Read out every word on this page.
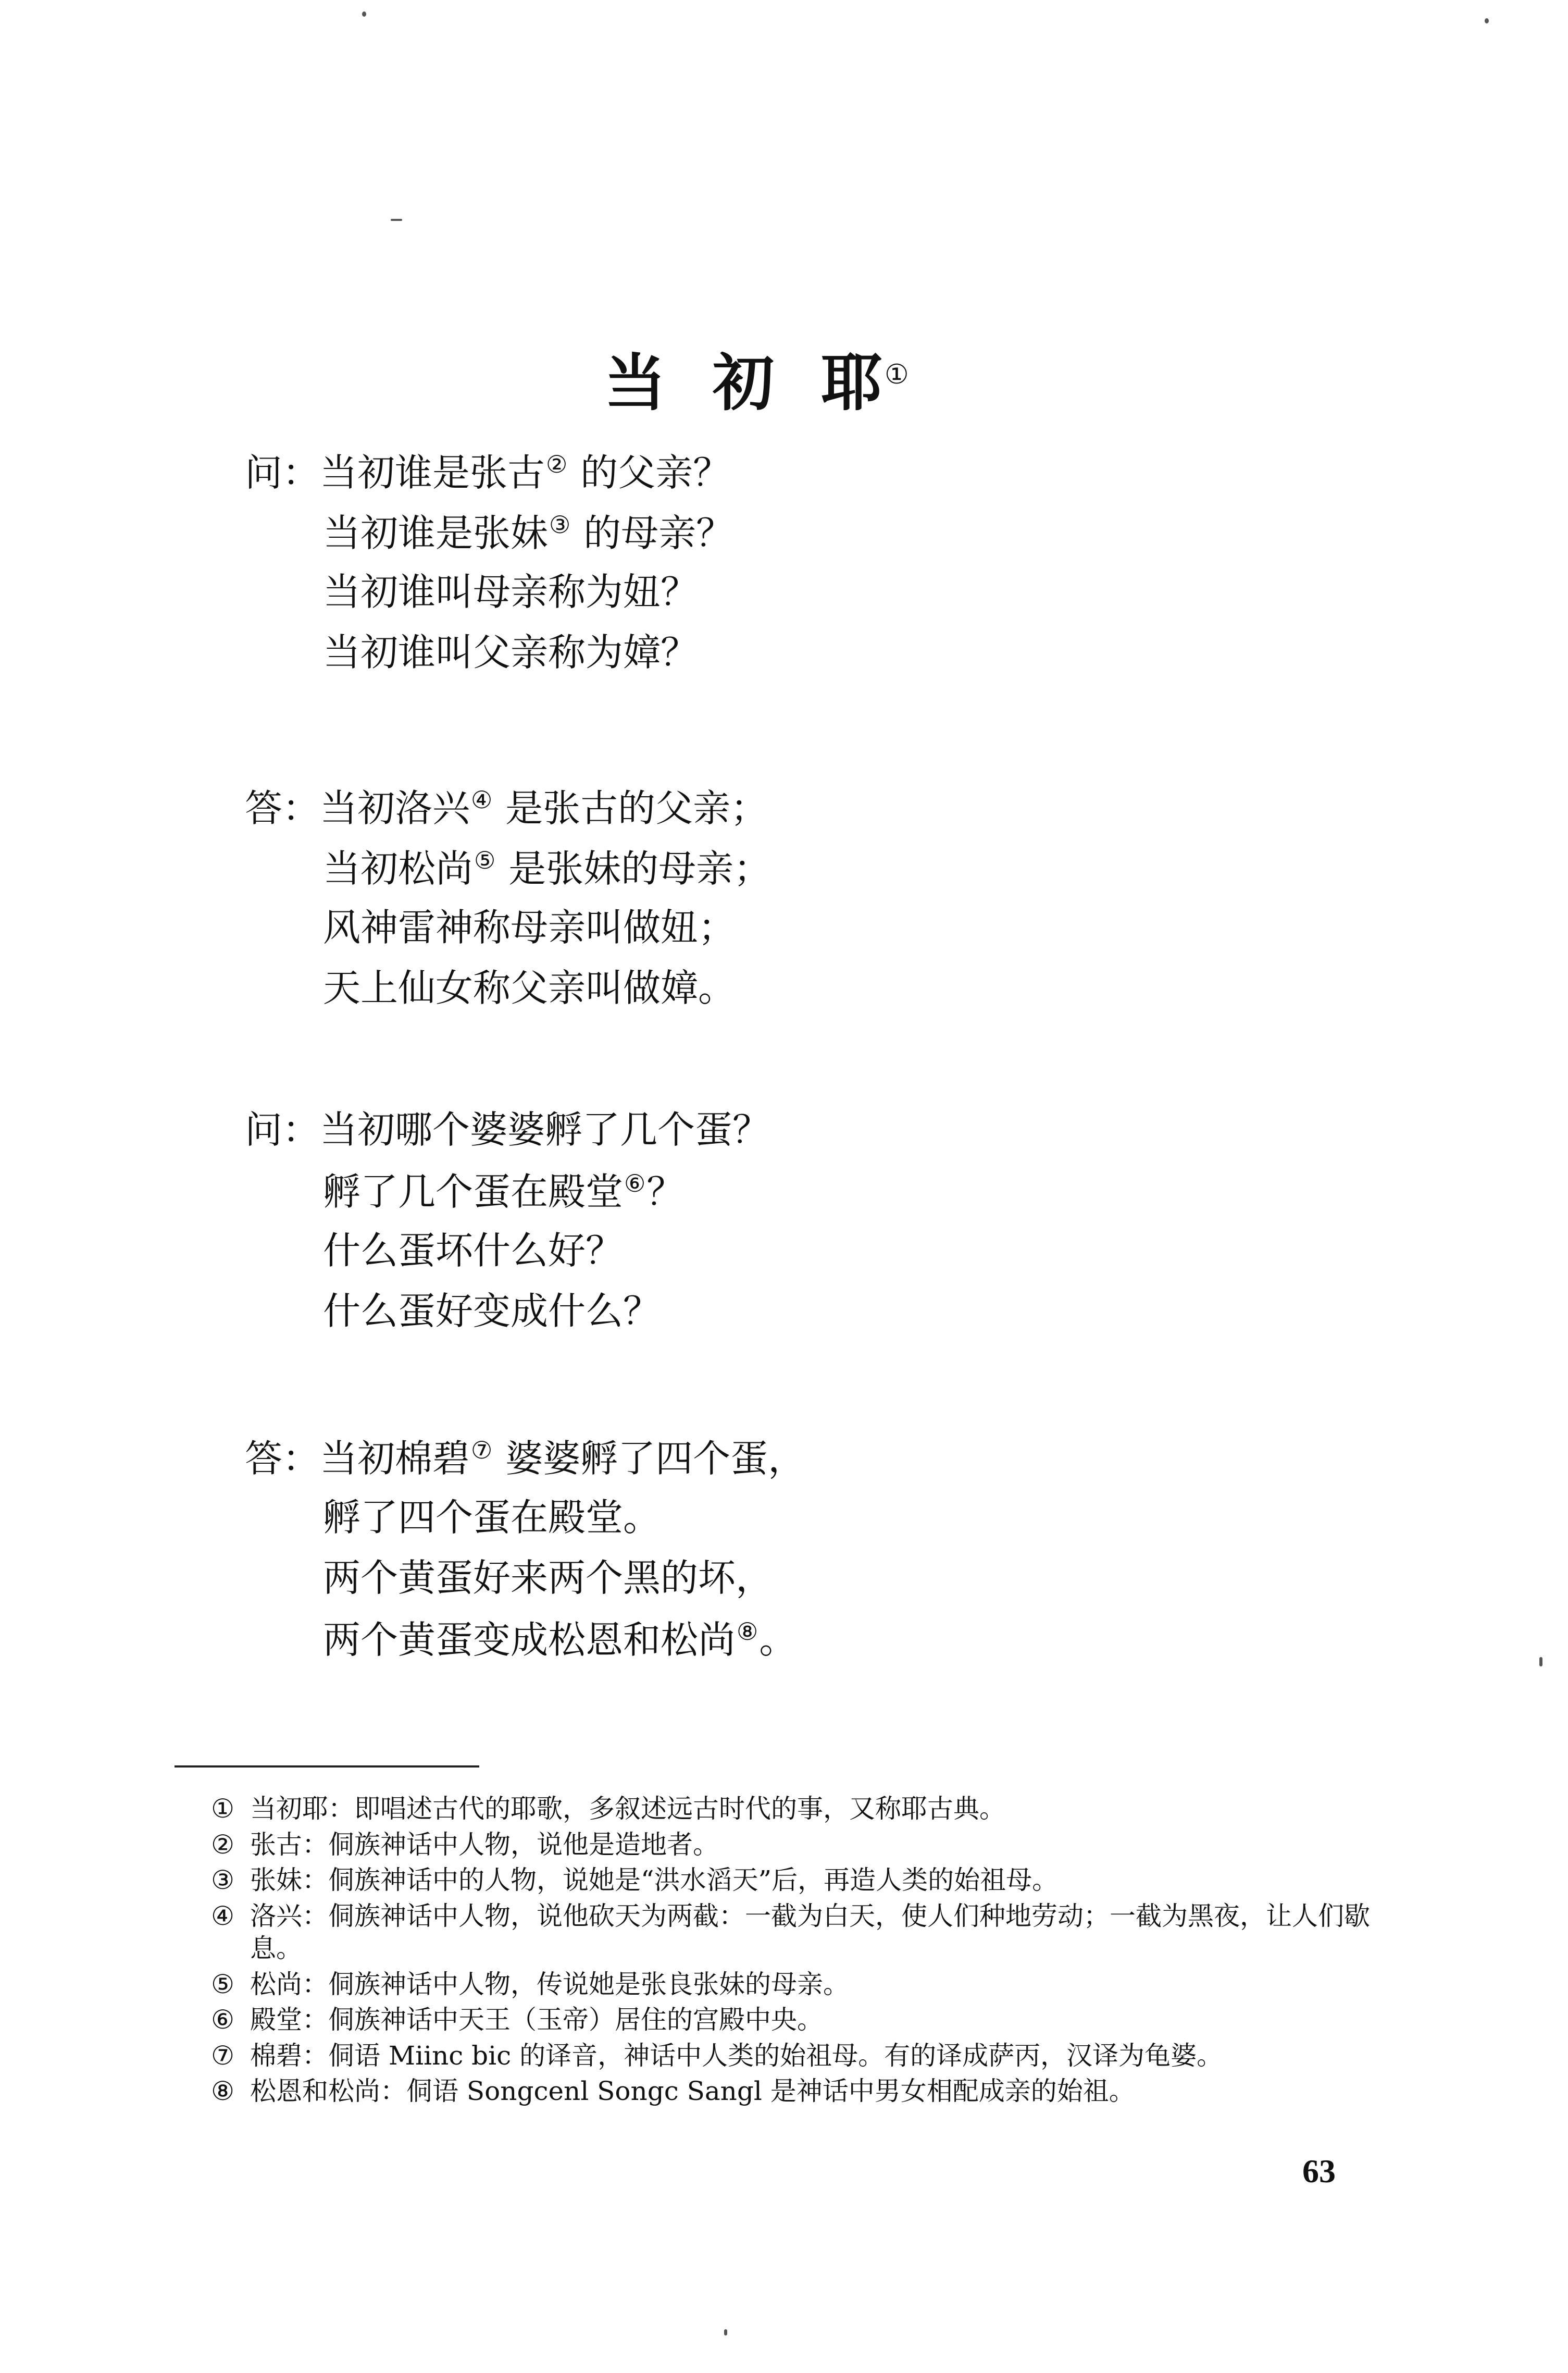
当 初 耶①

问：当初谁是张古② 的父亲？

当初谁是张妹③ 的母亲？

当初谁叫母亲称为妞？

当初谁叫父亲称为嫜？

答：当初洛兴④ 是张古的父亲；

当初松尚⑤ 是张妹的母亲；

风神雷神称母亲叫做妞；

天上仙女称父亲叫做嫜。

问：当初哪个婆婆孵了几个蛋？

孵了几个蛋在殿堂⑥？

什么蛋坏什么好？

什么蛋好变成什么？

答：当初棉碧⑦ 婆婆孵了四个蛋，

孵了四个蛋在殿堂。

两个黄蛋好来两个黑的坏，

两个黄蛋变成松恩和松尚⑧。

① 当初耶：即唱述古代的耶歌，多叙述远古时代的事，又称耶古典。

② 张古：侗族神话中人物，说他是造地者。

③ 张妹：侗族神话中的人物，说她是“洪水滔天”后，再造人类的始祖母。

④ 洛兴：侗族神话中人物，说他砍天为两截：一截为白天，使人们种地劳动；一截为黑夜，让人们歇息。

⑤ 松尚：侗族神话中人物，传说她是张良张妹的母亲。

⑥ 殿堂：侗族神话中天王（玉帝）居住的宫殿中央。

⑦ 棉碧：侗语 Miinc bic 的译音，神话中人类的始祖母。有的译成萨丙，汉译为龟婆。

⑧ 松恩和松尚：侗语 Songcenl Songc Sangl 是神话中男女相配成亲的始祖。

63
